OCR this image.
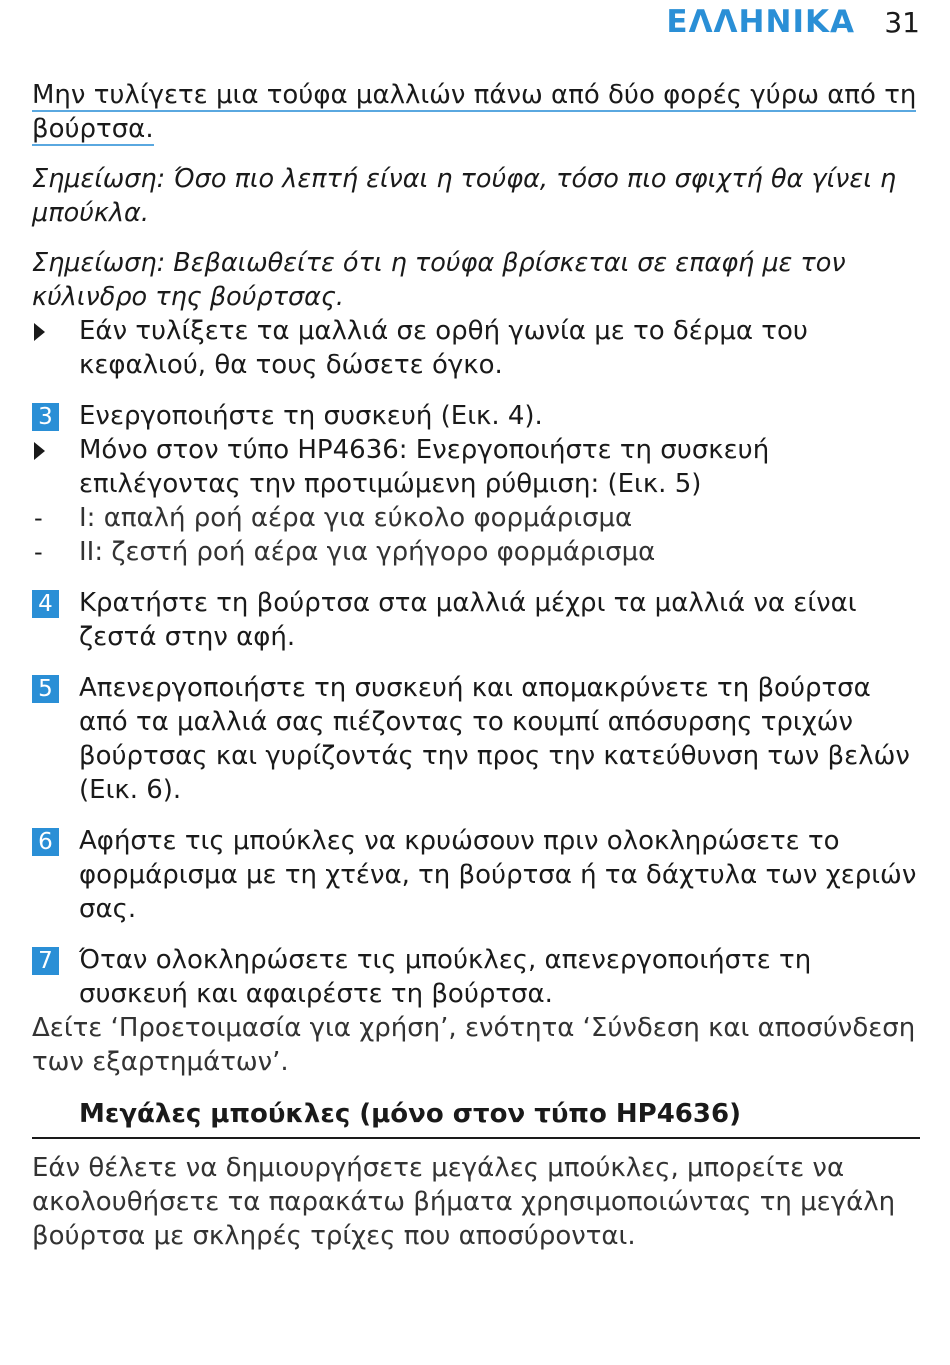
ΕΛΛΗΝΙΚΑ 31
Μην τυλίγετε μια τούφα μαλλιών πάνω από δύο φορές γύρω από τη βούρτσα.

Σημείωση: Όσο πιο λεπτή είναι η τούφα, τόσο πιο σφιχτή θα γίνει η μπούκλα.

Σημείωση: Βεβαιωθείτε ότι η τούφα βρίσκεται σε επαφή με τον κύλινδρο της βούρτσας.

Εάν τυλίξετε τα μαλλιά σε ορθή γωνία με το δέρμα του κεφαλιού, θα τους δώσετε όγκο.
3	Ενεργοποιήστε τη συσκευή (Εικ. 4).
Μόνο στον τύπο HP4636: Ενεργοποιήστε τη συσκευή επιλέγοντας την προτιμώμενη ρύθμιση: (Εικ. 5)
-	I: απαλή ροή αέρα για εύκολο φορμάρισμα
-	II: ζεστή ροή αέρα για γρήγορο φορμάρισμα
4	Κρατήστε τη βούρτσα στα μαλλιά μέχρι τα μαλλιά να είναι ζεστά στην αφή.
5	Απενεργοποιήστε τη συσκευή και απομακρύνετε τη βούρτσα από τα μαλλιά σας πιέζοντας το κουμπί απόσυρσης τριχών βούρτσας και γυρίζοντάς την προς την κατεύθυνση των βελών (Εικ. 6).
6	Αφήστε τις μπούκλες να κρυώσουν πριν ολοκληρώσετε το φορμάρισμα με τη χτένα, τη βούρτσα ή τα δάχτυλα των χεριών σας.
7	Όταν ολοκληρώσετε τις μπούκλες, απενεργοποιήστε τη συσκευή και αφαιρέστε τη βούρτσα.

Δείτε ‘Προετοιμασία για χρήση’, ενότητα ‘Σύνδεση και αποσύνδεση των εξαρτημάτων’.

Μεγάλες μπούκλες (μόνο στον τύπο HP4636)
Εάν θέλετε να δημιουργήσετε μεγάλες μπούκλες, μπορείτε να ακολουθήσετε τα παρακάτω βήματα χρησιμοποιώντας τη μεγάλη βούρτσα με σκληρές τρίχες που αποσύρονται.
